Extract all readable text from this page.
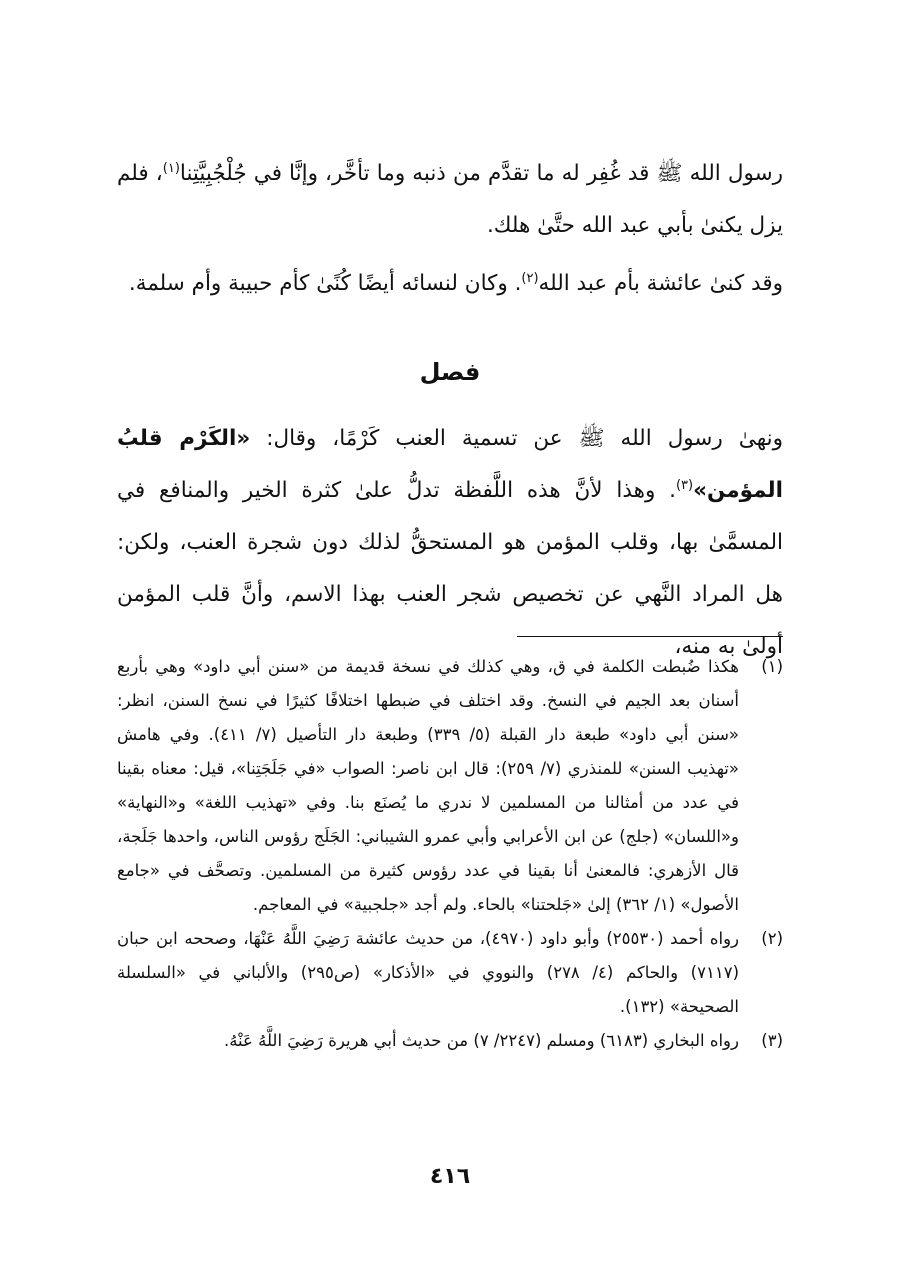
رسول الله ﷺ قد غُفِر له ما تقدَّم من ذنبه وما تأخَّر، وإنَّا في جُلْجُبِيَّتِنا$^{(١)}$، فلم يزل يكنىٰ بأبي عبد الله حتَّىٰ هلك.

وقد كنىٰ عائشة بأم عبد الله$^{(٢)}$. وكان لنسائه أيضًا كُنًىٰ كأم حبيبة وأم سلمة.

فصل

ونهىٰ رسول الله ﷺ عن تسمية العنب كَرْمًا، وقال: «الكَرْم قلبُ المؤمن»$^{(٣)}$. وهذا لأنَّ هذه اللَّفظة تدلُّ علىٰ كثرة الخير والمنافع في المسمَّىٰ بها، وقلب المؤمن هو المستحقُّ لذلك دون شجرة العنب، ولكن: هل المراد النَّهي عن تخصيص شجر العنب بهذا الاسم، وأنَّ قلب المؤمن أولىٰ به منه،

(١)
هكذا ضُبطت الكلمة في ق، وهي كذلك في نسخة قديمة من «سنن أبي داود» وهي بأربع أسنان بعد الجيم في النسخ. وقد اختلف في ضبطها اختلافًا كثيرًا في نسخ السنن، انظر: «سنن أبي داود» طبعة دار القبلة (٥/ ٣٣٩) وطبعة دار التأصيل (٧/ ٤١١). وفي هامش «تهذيب السنن» للمنذري (٧/ ٢٥٩): قال ابن ناصر: الصواب «في جَلَجَتِنا»، قيل: معناه بقينا في عدد من أمثالنا من المسلمين لا ندري ما يُصنَع بنا. وفي «تهذيب اللغة» و«النهاية» و«اللسان» (جلج) عن ابن الأعرابي وأبي عمرو الشيباني: الجَلَج رؤوس الناس، واحدها جَلَجة، قال الأزهري: فالمعنىٰ أنا بقينا في عدد رؤوس كثيرة من المسلمين. وتصحَّف في «جامع الأصول» (١/ ٣٦٢) إلىٰ «جَلحتنا» بالحاء. ولم أجد «جلجبية» في المعاجم.
(٢)
رواه أحمد (٢٥٥٣٠) وأبو داود (٤٩٧٠)، من حديث عائشة رَضِيَ اللَّهُ عَنْهَا، وصححه ابن حبان (٧١١٧) والحاكم (٤/ ٢٧٨) والنووي في «الأذكار» (ص٢٩٥) والألباني في «السلسلة الصحيحة» (١٣٢).
(٣)
رواه البخاري (٦١٨٣) ومسلم (٢٢٤٧/ ٧) من حديث أبي هريرة رَضِيَ اللَّهُ عَنْهُ.
٤١٦
